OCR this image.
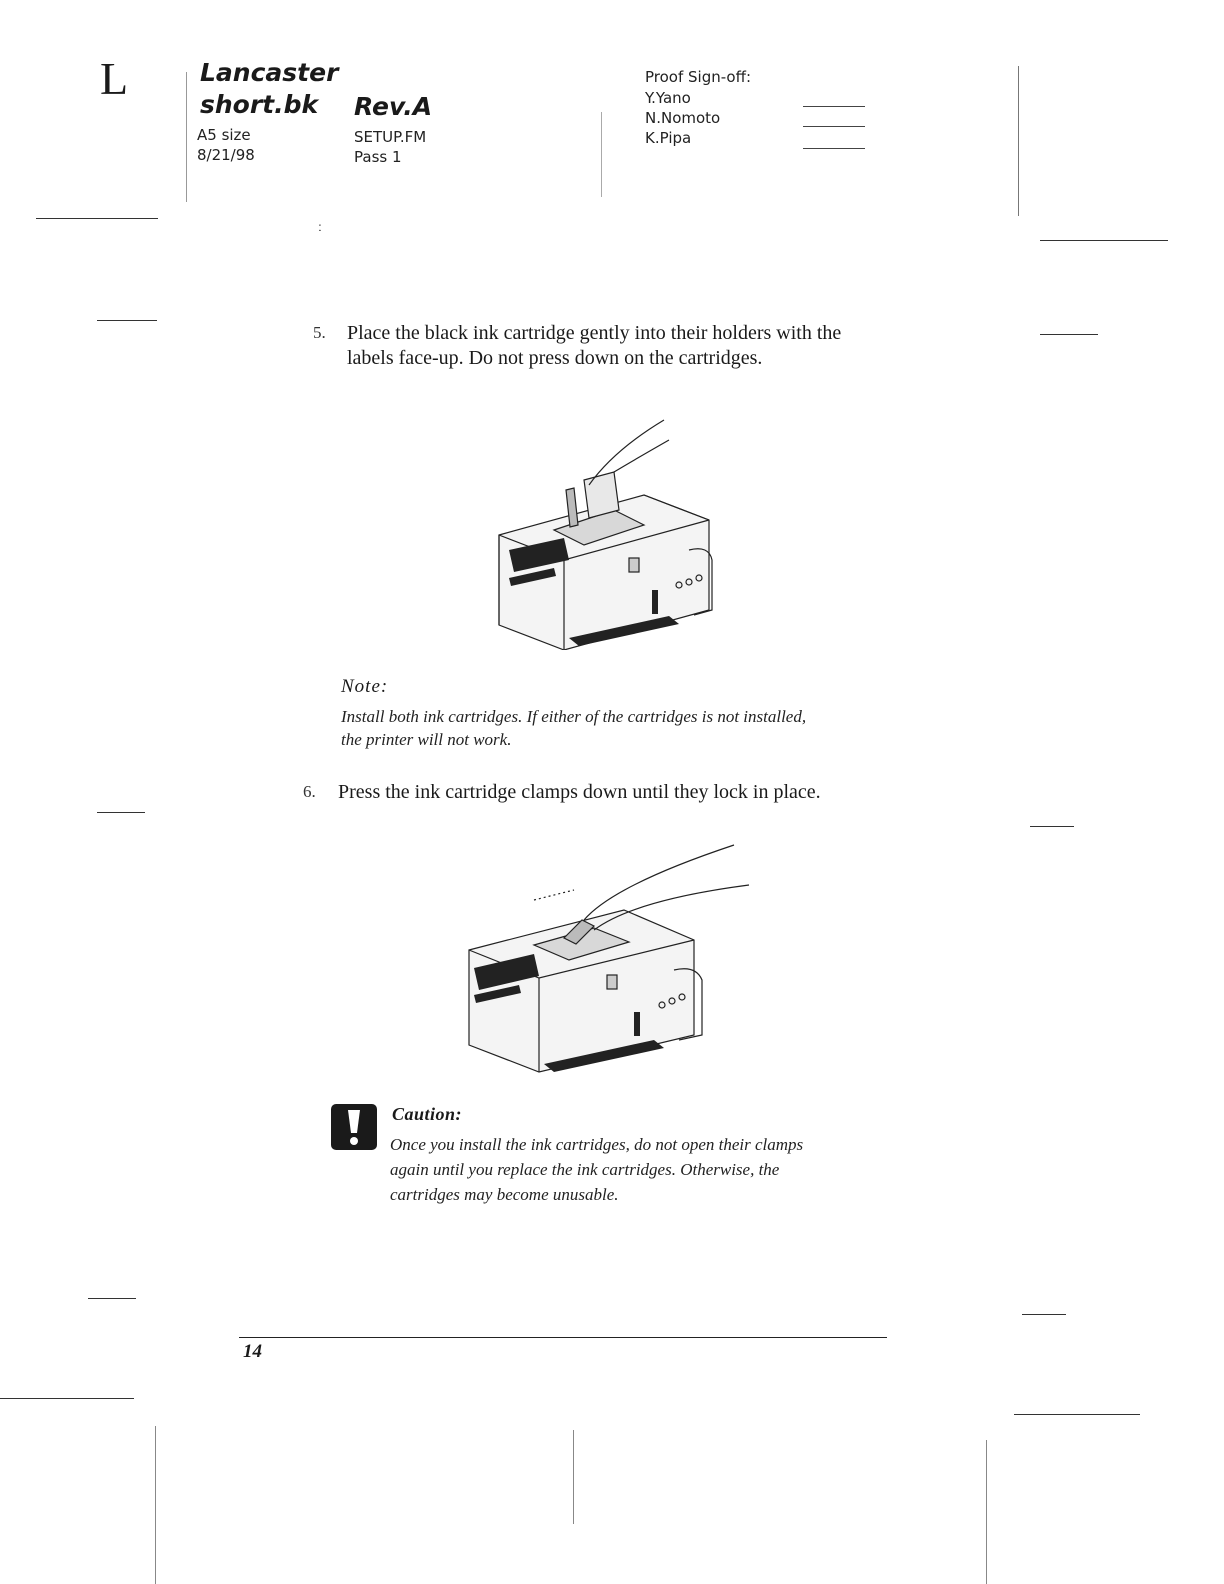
L	Lancaster
short.bk Rev.A
A5 size
8/21/98
SETUP.FM
Pass 1
Proof Sign-off:
Y.Yano
N.Nomoto
K.Pipa
ː
5. Place the black ink cartridge gently into their holders with the
labels face-up. Do not press down on the cartridges.
Note:
Install both ink cartridges. If either of the cartridges is not installed,
the printer will not work.
6. Press the ink cartridge clamps down until they lock in place.
Caution:
Once you install the ink cartridges, do not open their clamps
again until you replace the ink cartridges. Otherwise, the
cartridges may become unusable.
14
